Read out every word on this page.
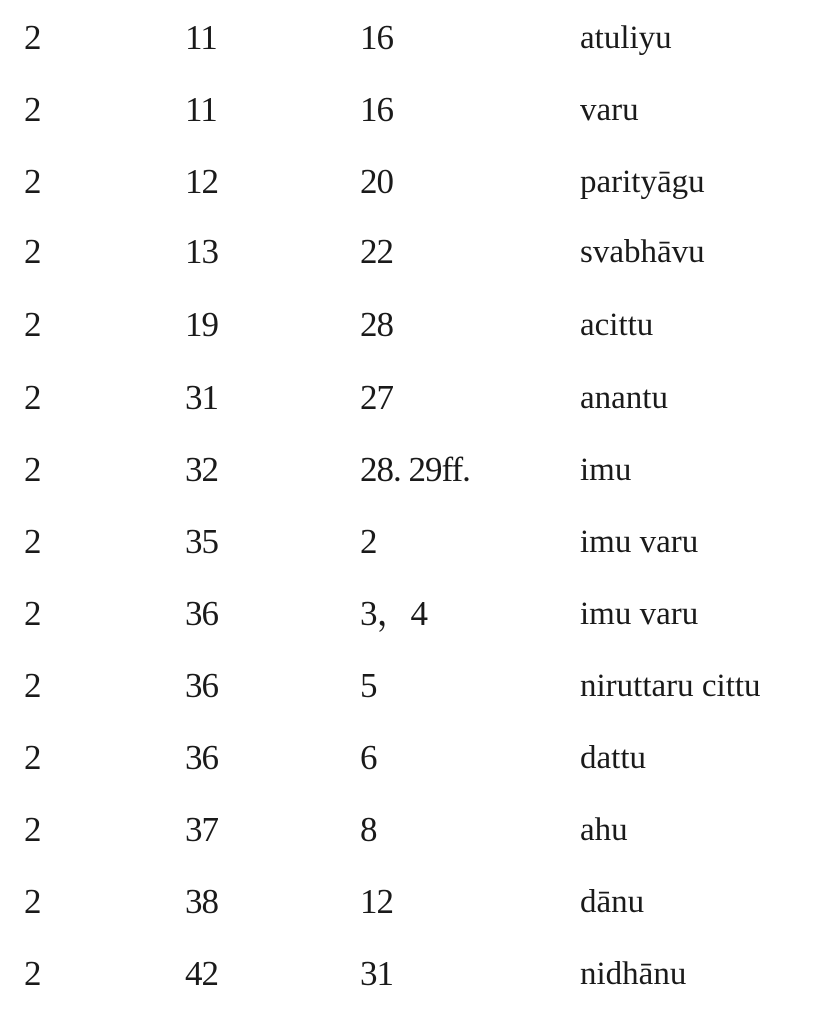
2	11	16	atuliyu
2	11	16	varu
2	12	20	parityāgu
2	13	22	svabhāvu
2	19	28	acittu
2	31	27	anantu
2	32	28. 29ff.	imu
2	35	2	imu varu
2	36	3，4	imu varu
2	36	5	niruttaru cittu
2	36	6	dattu
2	37	8	ahu
2	38	12	dānu
2	42	31	nidhānu
